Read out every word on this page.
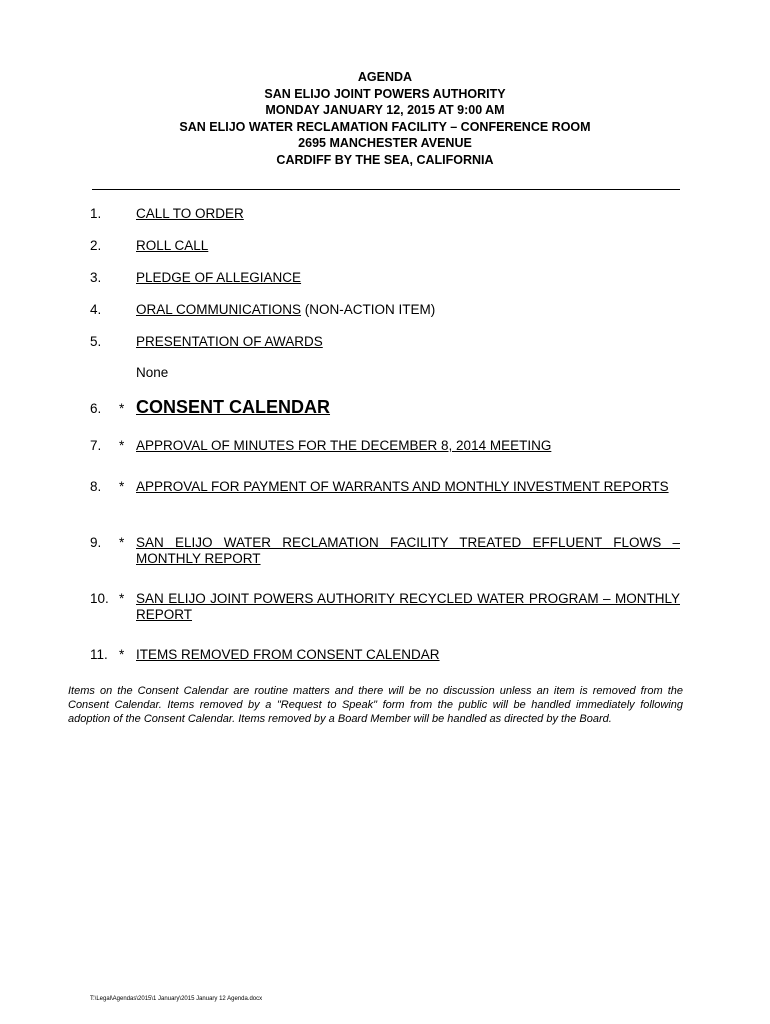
AGENDA
SAN ELIJO JOINT POWERS AUTHORITY
MONDAY JANUARY 12, 2015 AT 9:00 AM
SAN ELIJO WATER RECLAMATION FACILITY – CONFERENCE ROOM
2695 MANCHESTER AVENUE
CARDIFF BY THE SEA, CALIFORNIA
1.	CALL TO ORDER
2.	ROLL CALL
3.	PLEDGE OF ALLEGIANCE
4.	ORAL COMMUNICATIONS (NON-ACTION ITEM)
5.	PRESENTATION OF AWARDS
None
6. * CONSENT CALENDAR
7. * APPROVAL OF MINUTES FOR THE DECEMBER 8, 2014 MEETING
8. * APPROVAL FOR PAYMENT OF WARRANTS AND MONTHLY INVESTMENT REPORTS
9. * SAN ELIJO WATER RECLAMATION FACILITY TREATED EFFLUENT FLOWS – MONTHLY REPORT
10. * SAN ELIJO JOINT POWERS AUTHORITY RECYCLED WATER PROGRAM – MONTHLY REPORT
11. * ITEMS REMOVED FROM CONSENT CALENDAR
Items on the Consent Calendar are routine matters and there will be no discussion unless an item is removed from the Consent Calendar. Items removed by a "Request to Speak" form from the public will be handled immediately following adoption of the Consent Calendar. Items removed by a Board Member will be handled as directed by the Board.
T:\Legal\Agendas\2015\1 January\2015 January 12 Agenda.docx
